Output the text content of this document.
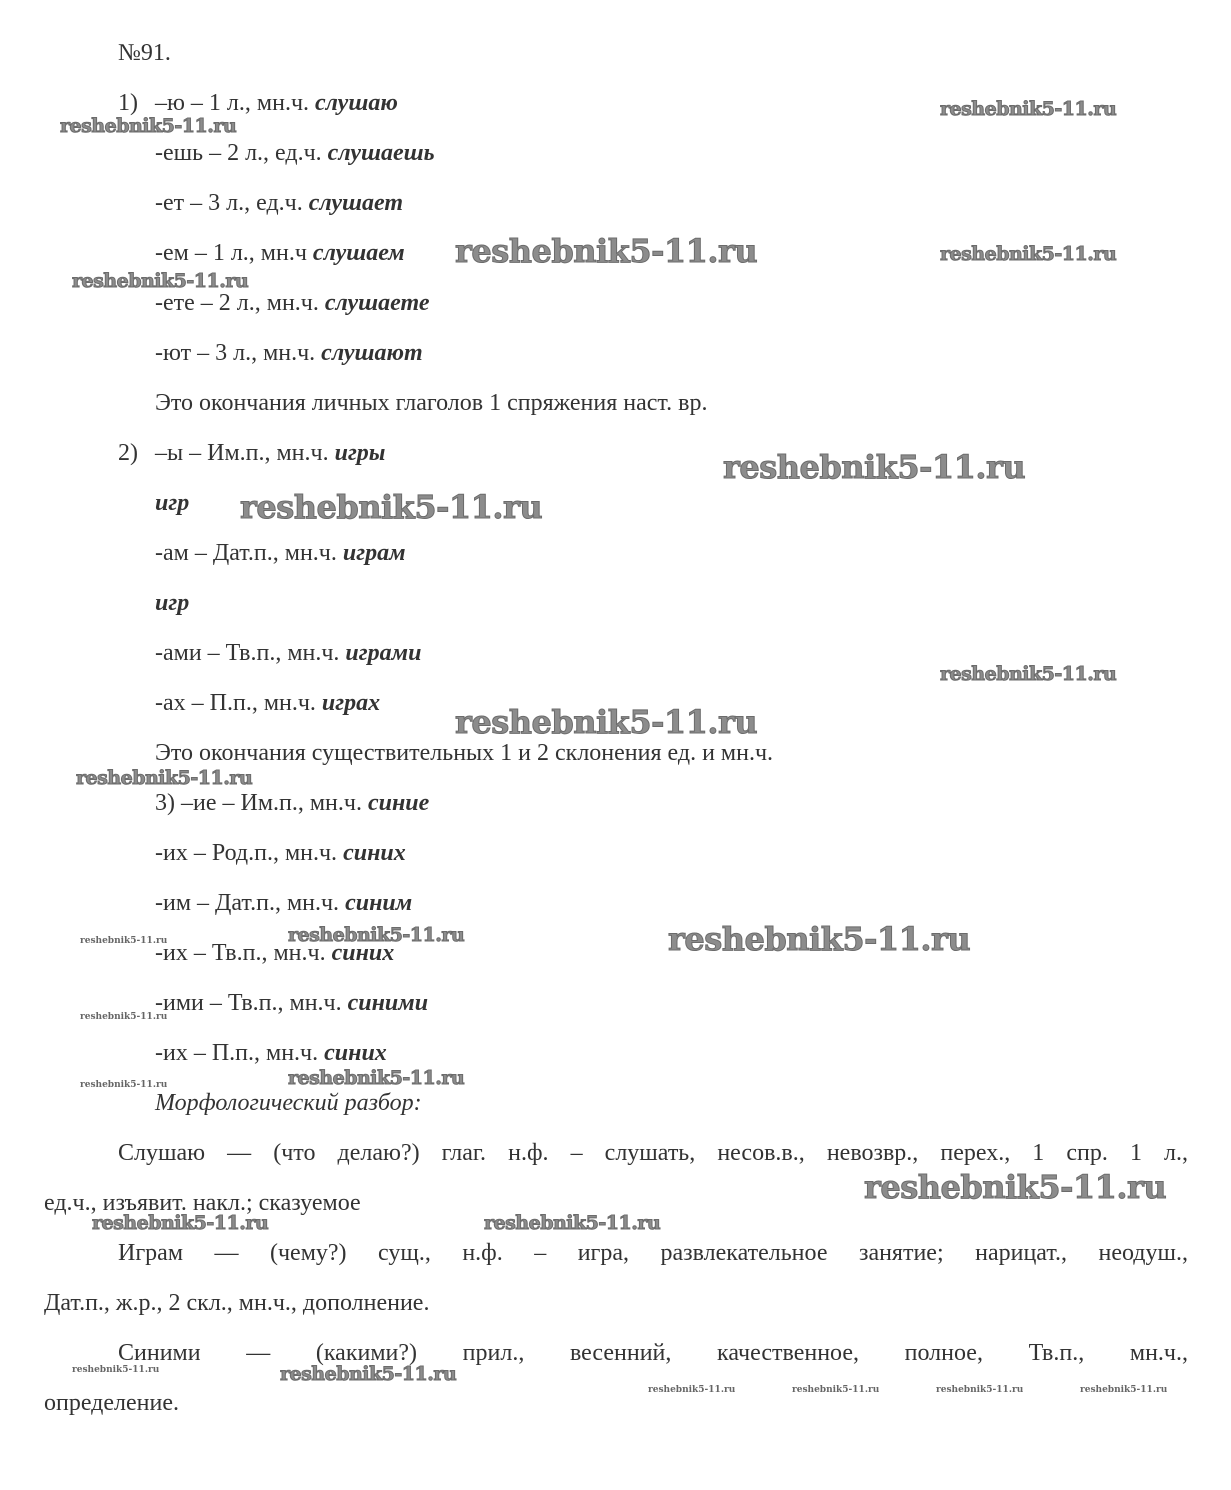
№91.
1) –ю – 1 л., мн.ч. слушаю
-ешь – 2 л., ед.ч. слушаешь
-ет – 3 л., ед.ч. слушает
-ем – 1 л., мн.ч слушаем
-ете – 2 л., мн.ч. слушаете
-ют – 3 л., мн.ч. слушают
Это окончания личных глаголов 1 спряжения наст. вр.
2) –ы – Им.п., мн.ч. игры
игр
-ам – Дат.п., мн.ч. играм
игр
-ами – Тв.п., мн.ч. играми
-ах – П.п., мн.ч. играх
Это окончания существительных 1 и 2 склонения ед. и мн.ч.
3) –ие – Им.п., мн.ч. синие
-их – Род.п., мн.ч. синих
-им – Дат.п., мн.ч. синим
-их – Тв.п., мн.ч. синих
-ими – Тв.п., мн.ч. синими
-их – П.п., мн.ч. синих
Морфологический разбор:
Слушаю — (что делаю?) глаг. н.ф. – слушать, несов.в., невозвр., перех., 1 спр. 1 л.,
ед.ч., изъявит. накл.; сказуемое
Играм — (чему?) сущ., н.ф. – игра, развлекательное занятие; нарицат., неодуш.,
Дат.п., ж.р., 2 скл., мн.ч., дополнение.
Синими — (какими?) прил., весенний, качественное, полное, Тв.п., мн.ч.,
определение.
reshebnik5-11.ru
reshebnik5-11.ru
reshebnik5-11.ru	reshebnik5-11.ru
reshebnik5-11.ru
reshebnik5-11.ru
reshebnik5-11.ru
reshebnik5-11.ru
reshebnik5-11.ru
reshebnik5-11.ru
reshebnik5-11.ru
reshebnik5-11.ru	reshebnik5-11.ru
reshebnik5-11.ru
reshebnik5-11.ru
reshebnik5-11.ru
reshebnik5-11.ru
reshebnik5-11.ru	reshebnik5-11.ru
reshebnik5-11.ru	reshebnik5-11.ru
reshebnik5-11.ru	reshebnik5-11.ru	reshebnik5-11.ru	reshebnik5-11.ru
